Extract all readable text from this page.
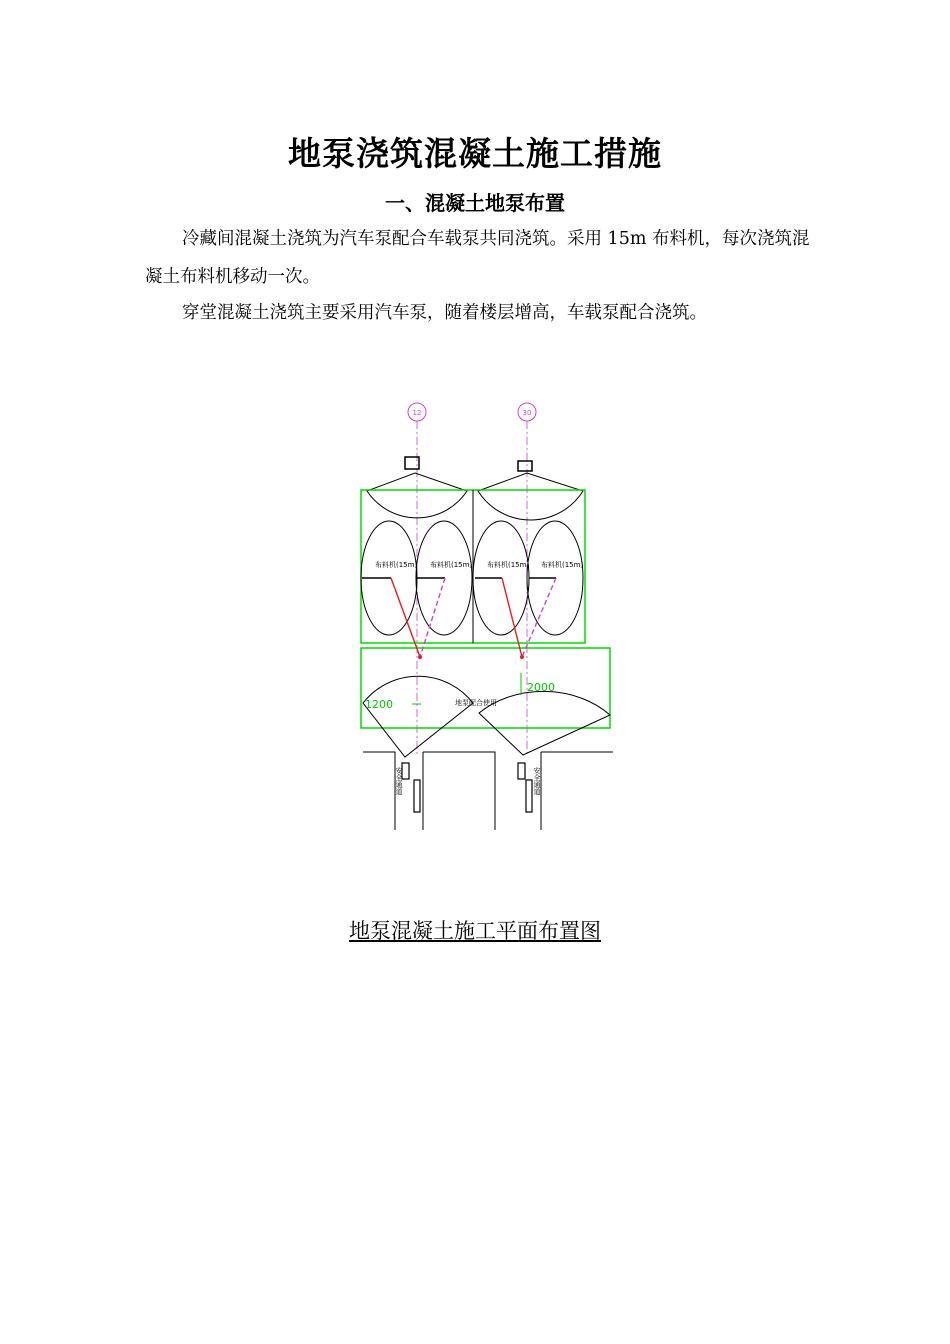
地泵浇筑混凝土施工措施
一、混凝土地泵布置
冷藏间混凝土浇筑为汽车泵配合车载泵共同浇筑。采用 15m 布料机，每次浇筑混凝土布料机移动一次。
穿堂混凝土浇筑主要采用汽车泵，随着楼层增高，车载泵配合浇筑。
12	30
布料机(15m) 布料机(15m) 布料机(15m) 布料机(15m)
1200
2000
地泵配合使用
安全通道	安全通道
地泵混凝土施工平面布置图
